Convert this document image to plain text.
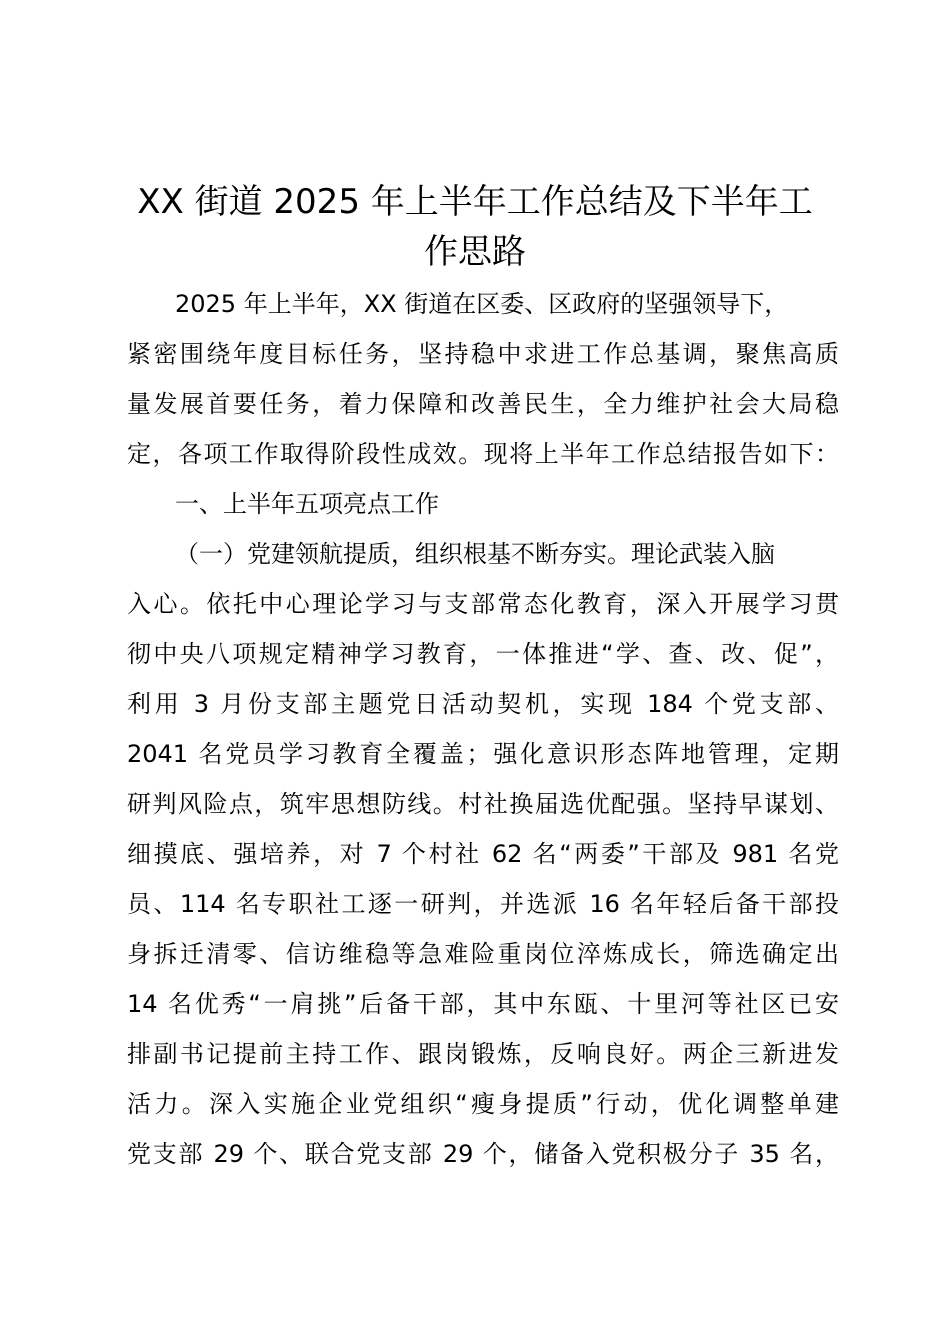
XX 街道 2025 年上半年工作总结及下半年工
作思路
2025 年上半年，XX 街道在区委、区政府的坚强领导下，
紧密围绕年度目标任务，坚持稳中求进工作总基调，聚焦高质
量发展首要任务，着力保障和改善民生，全力维护社会大局稳
定，各项工作取得阶段性成效。现将上半年工作总结报告如下：
一、上半年五项亮点工作
（一）党建领航提质，组织根基不断夯实。理论武装入脑
入心。依托中心理论学习与支部常态化教育，深入开展学习贯
彻中央八项规定精神学习教育，一体推进“学、查、改、促”，
利用 3 月份支部主题党日活动契机，实现 184 个党支部、
2041 名党员学习教育全覆盖；强化意识形态阵地管理，定期
研判风险点，筑牢思想防线。村社换届选优配强。坚持早谋划、
细摸底、强培养，对 7 个村社 62 名“两委”干部及 981 名党
员、114 名专职社工逐一研判，并选派 16 名年轻后备干部投
身拆迁清零、信访维稳等急难险重岗位淬炼成长，筛选确定出
14 名优秀“一肩挑”后备干部，其中东瓯、十里河等社区已安
排副书记提前主持工作、跟岗锻炼，反响良好。两企三新进发
活力。深入实施企业党组织“瘦身提质”行动，优化调整单建
党支部 29 个、联合党支部 29 个，储备入党积极分子 35 名，
